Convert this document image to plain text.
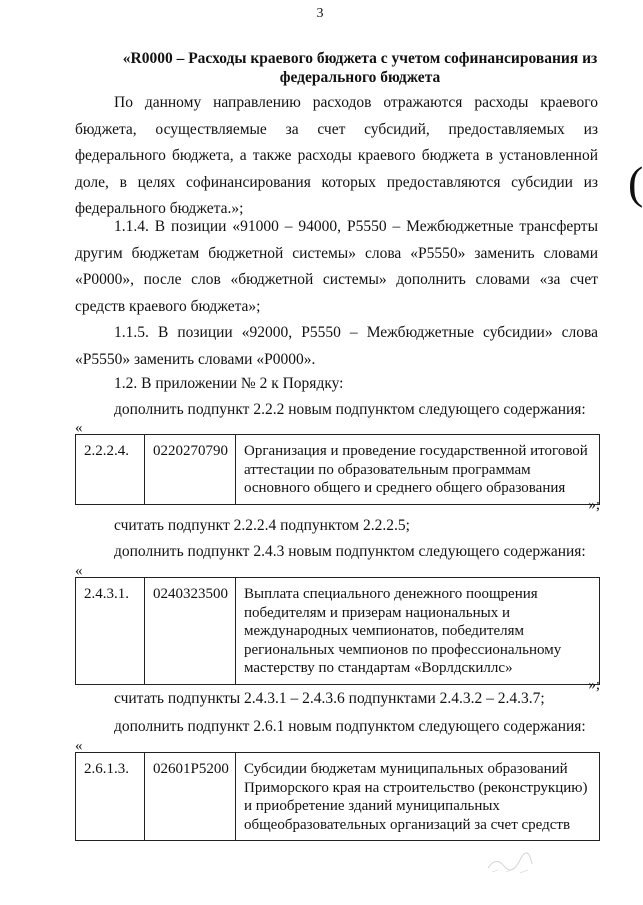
3
«R0000 – Расходы краевого бюджета с учетом софинансирования из
федерального бюджета
По данному направлению расходов отражаются расходы краевого бюджета, осуществляемые за счет субсидий, предоставляемых из федерального бюджета, а также расходы краевого бюджета в установленной доле, в целях софинансирования которых предоставляются субсидии из федерального бюджета.»;
1.1.4. В позиции «91000 – 94000, P5550 – Межбюджетные трансферты другим бюджетам бюджетной системы» слова «P5550» заменить словами «P0000», после слов «бюджетной системы» дополнить словами «за счет средств краевого бюджета»;
1.1.5. В позиции «92000, P5550 – Межбюджетные субсидии» слова «P5550» заменить словами «P0000».
1.2. В приложении № 2 к Порядку:
дополнить подпункт 2.2.2 новым подпунктом следующего содержания:
«
2.2.2.4.	0220270790	Организация и проведение государственной итоговой аттестации по образовательным программам основного общего и среднего общего образования
»;
считать подпункт 2.2.2.4 подпунктом 2.2.2.5;
дополнить подпункт 2.4.3 новым подпунктом следующего содержания:
«
2.4.3.1.	0240323500	Выплата специального денежного поощрения победителям и призерам национальных и международных чемпионатов, победителям региональных чемпионов по профессиональному мастерству по стандартам «Ворлдскиллс»
»;
считать подпункты 2.4.3.1 – 2.4.3.6 подпунктами 2.4.3.2 – 2.4.3.7;
дополнить подпункт 2.6.1 новым подпунктом следующего содержания:
«
2.6.1.3.	02601P5200	Субсидии бюджетам муниципальных образований Приморского края на строительство (реконструкцию) и приобретение зданий муниципальных общеобразовательных организаций за счет средств
(
